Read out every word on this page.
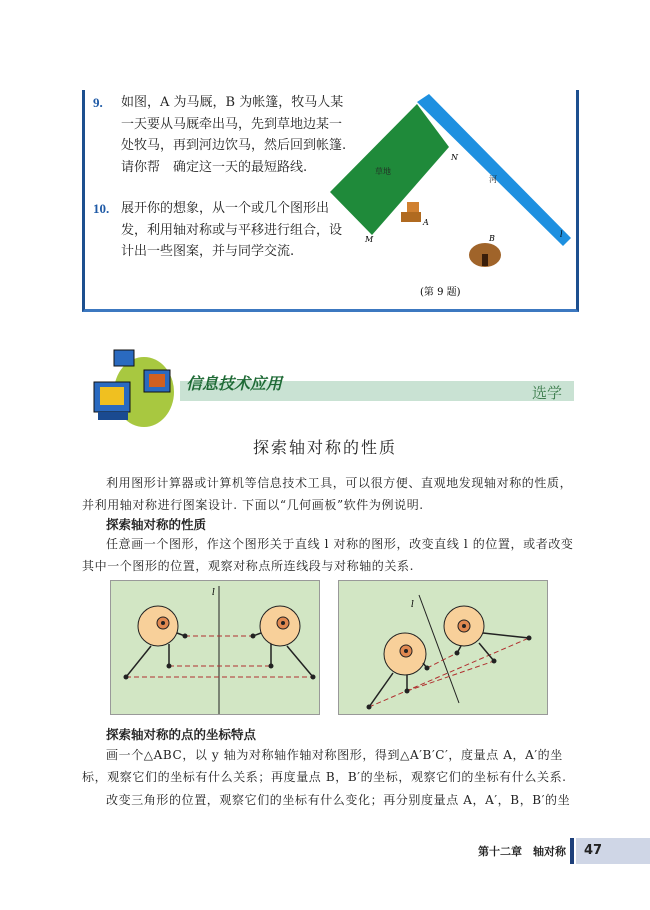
9.	如图，A 为马厩，B 为帐篷，牧马人某一天要从马厩牵出马，先到草地边某一处牧马，再到河边饮马，然后回到帐篷. 请你帮　确定这一天的最短路线.

10. 展开你的想象，从一个或几个图形出发，利用轴对称或与平移进行组合，设计出一些图案，并与同学交流.

草地
河
N
M
l
A
B
(第 9 题)
信息技术应用	选学
探索轴对称的性质
利用图形计算器或计算机等信息技术工具，可以很方便、直观地发现轴对称的性质，并利用轴对称进行图案设计. 下面以“几何画板”软件为例说明.
探索轴对称的性质
任意画一个图形，作这个图形关于直线 l 对称的图形，改变直线 l 的位置，或者改变其中一个图形的位置，观察对称点所连线段与对称轴的关系.
l
l
探索轴对称的点的坐标特点
画一个△ABC，以 y 轴为对称轴作轴对称图形，得到△A′B′C′，度量点 A，A′的坐标，观察它们的坐标有什么关系；再度量点 B，B′的坐标，观察它们的坐标有什么关系.
改变三角形的位置，观察它们的坐标有什么变化；再分别度量点 A，A′，B，B′的坐
第十二章　轴对称	47
